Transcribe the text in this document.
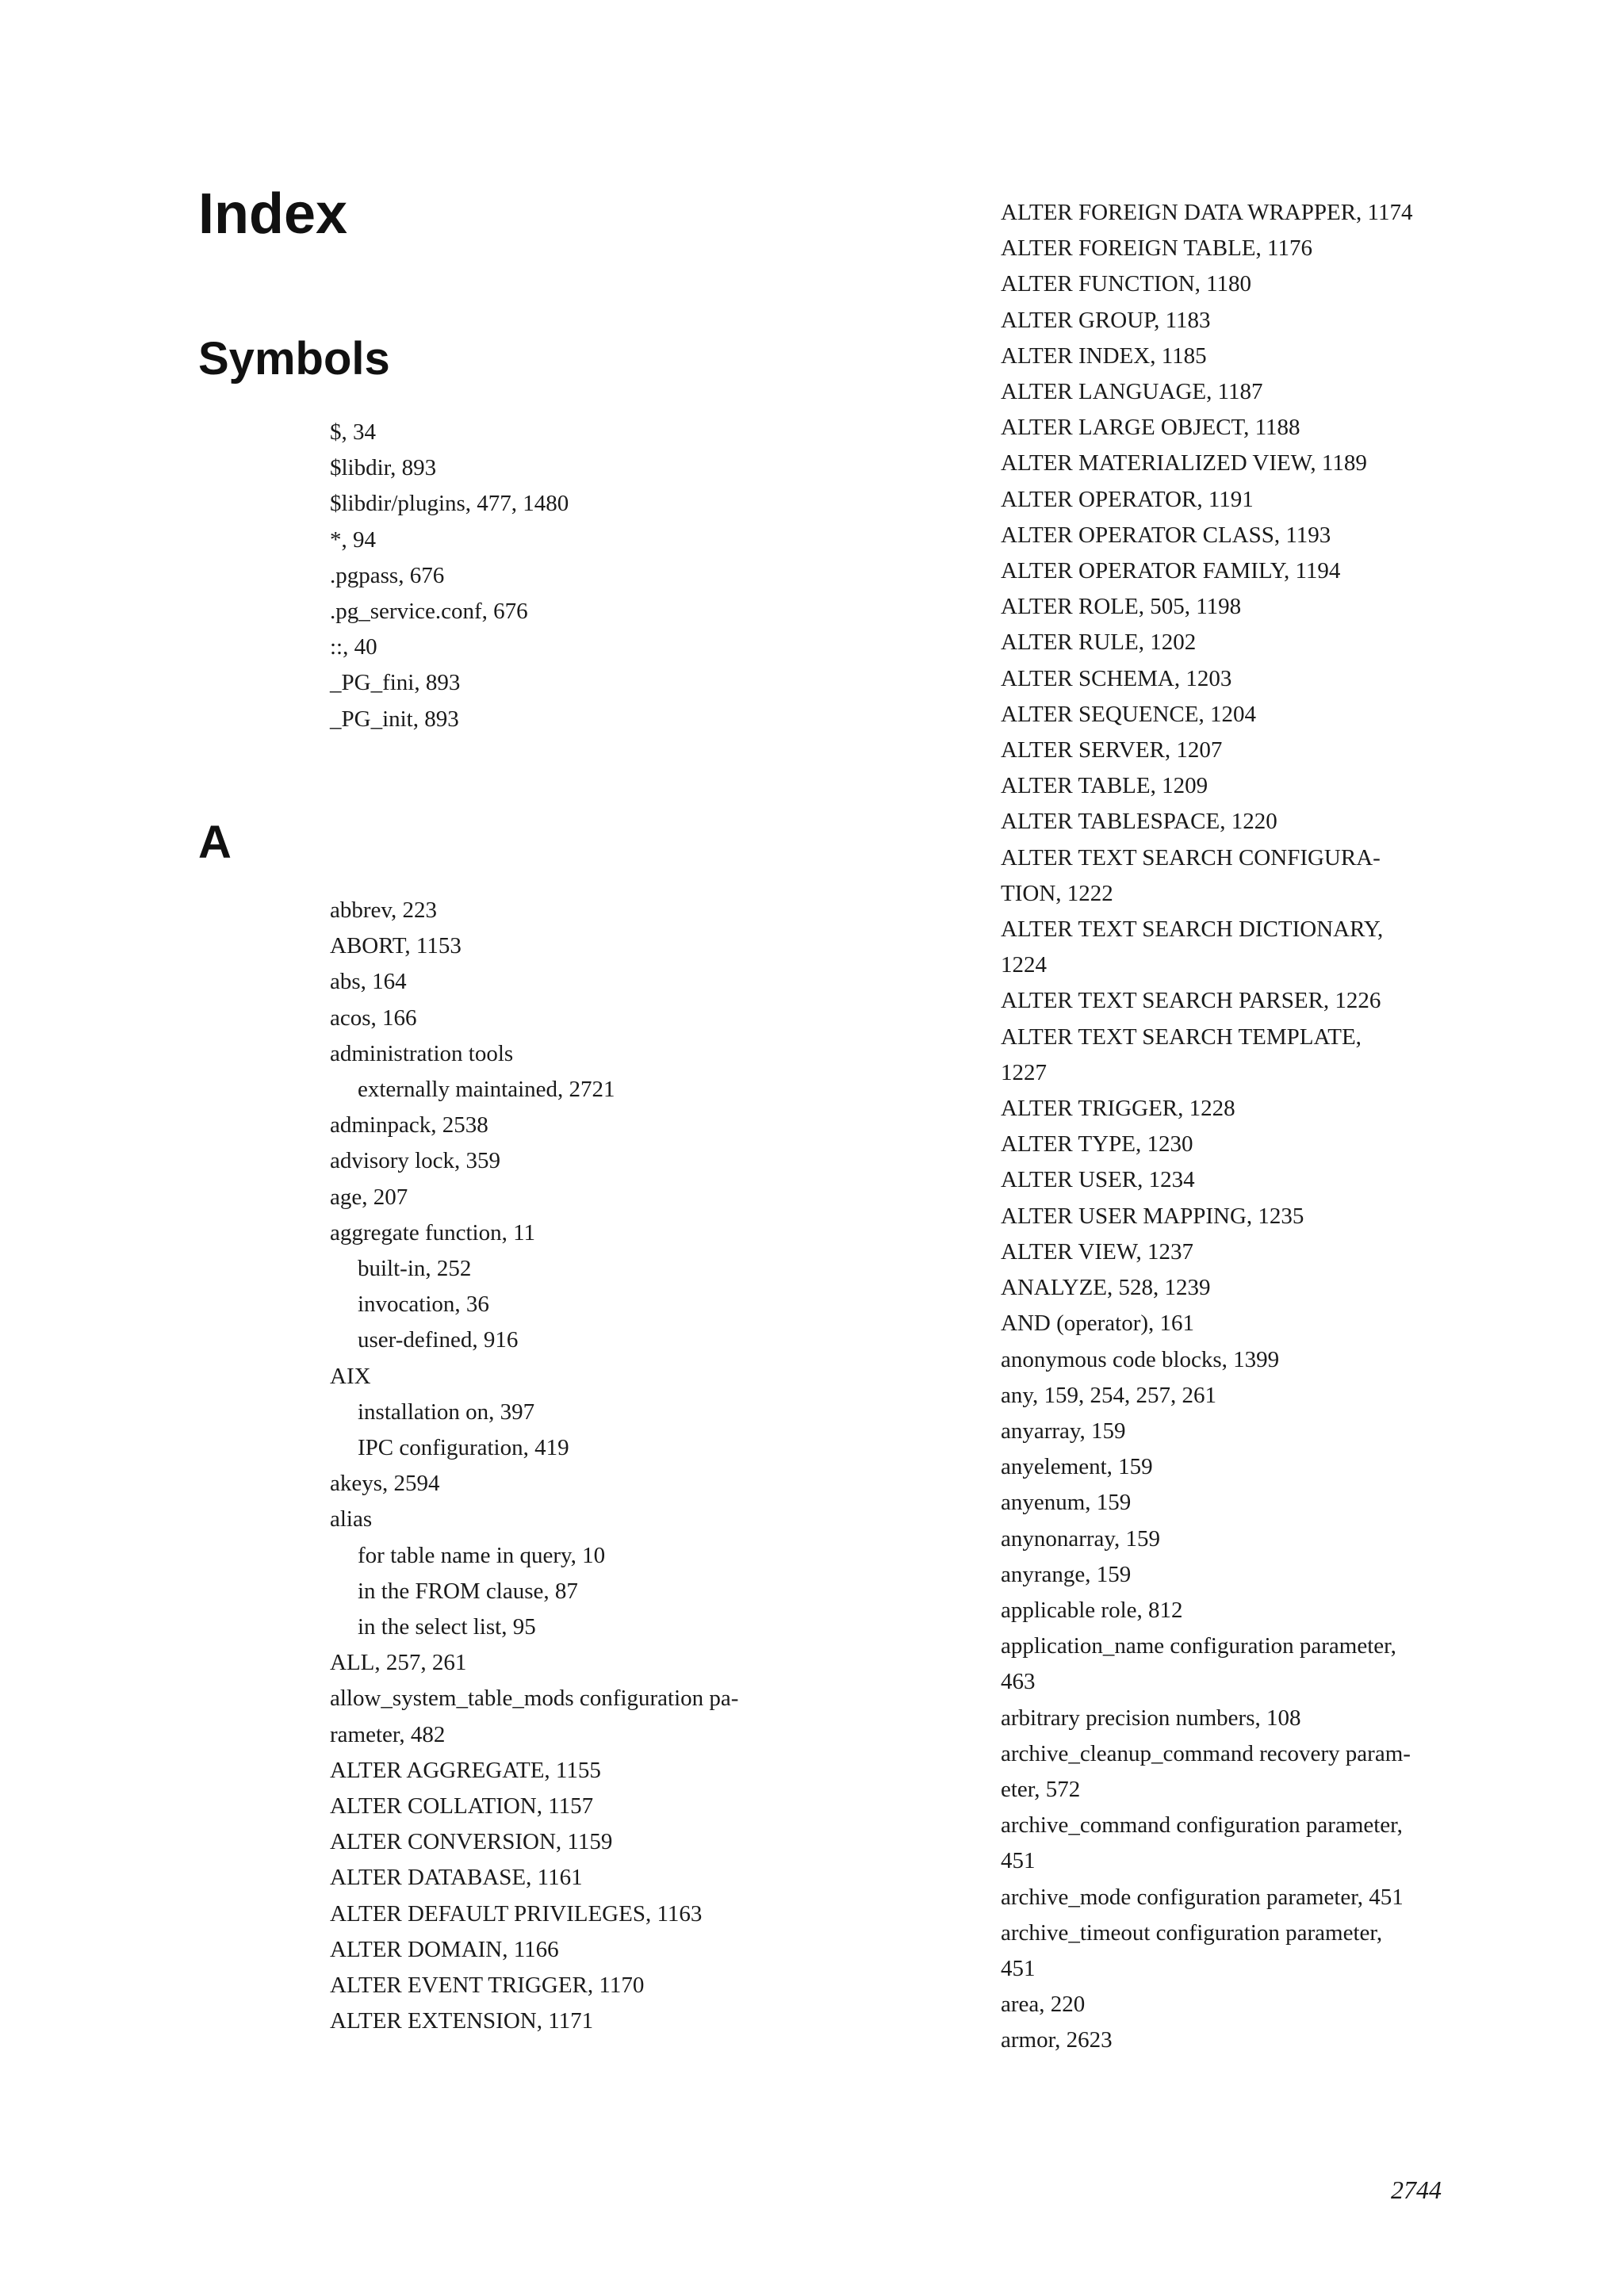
Index
Symbols
$, 34
$libdir, 893
$libdir/plugins, 477, 1480
*, 94
.pgpass, 676
.pg_service.conf, 676
::, 40
_PG_fini, 893
_PG_init, 893
A
abbrev, 223
ABORT, 1153
abs, 164
acos, 166
administration tools
externally maintained, 2721
adminpack, 2538
advisory lock, 359
age, 207
aggregate function, 11
built-in, 252
invocation, 36
user-defined, 916
AIX
installation on, 397
IPC configuration, 419
akeys, 2594
alias
for table name in query, 10
in the FROM clause, 87
in the select list, 95
ALL, 257, 261
allow_system_table_mods configuration pa-
rameter, 482
ALTER AGGREGATE, 1155
ALTER COLLATION, 1157
ALTER CONVERSION, 1159
ALTER DATABASE, 1161
ALTER DEFAULT PRIVILEGES, 1163
ALTER DOMAIN, 1166
ALTER EVENT TRIGGER, 1170
ALTER EXTENSION, 1171
ALTER FOREIGN DATA WRAPPER, 1174
ALTER FOREIGN TABLE, 1176
ALTER FUNCTION, 1180
ALTER GROUP, 1183
ALTER INDEX, 1185
ALTER LANGUAGE, 1187
ALTER LARGE OBJECT, 1188
ALTER MATERIALIZED VIEW, 1189
ALTER OPERATOR, 1191
ALTER OPERATOR CLASS, 1193
ALTER OPERATOR FAMILY, 1194
ALTER ROLE, 505, 1198
ALTER RULE, 1202
ALTER SCHEMA, 1203
ALTER SEQUENCE, 1204
ALTER SERVER, 1207
ALTER TABLE, 1209
ALTER TABLESPACE, 1220
ALTER TEXT SEARCH CONFIGURA-
TION, 1222
ALTER TEXT SEARCH DICTIONARY,
1224
ALTER TEXT SEARCH PARSER, 1226
ALTER TEXT SEARCH TEMPLATE,
1227
ALTER TRIGGER, 1228
ALTER TYPE, 1230
ALTER USER, 1234
ALTER USER MAPPING, 1235
ALTER VIEW, 1237
ANALYZE, 528, 1239
AND (operator), 161
anonymous code blocks, 1399
any, 159, 254, 257, 261
anyarray, 159
anyelement, 159
anyenum, 159
anynonarray, 159
anyrange, 159
applicable role, 812
application_name configuration parameter,
463
arbitrary precision numbers, 108
archive_cleanup_command recovery param-
eter, 572
archive_command configuration parameter,
451
archive_mode configuration parameter, 451
archive_timeout configuration parameter,
451
area, 220
armor, 2623

2744
